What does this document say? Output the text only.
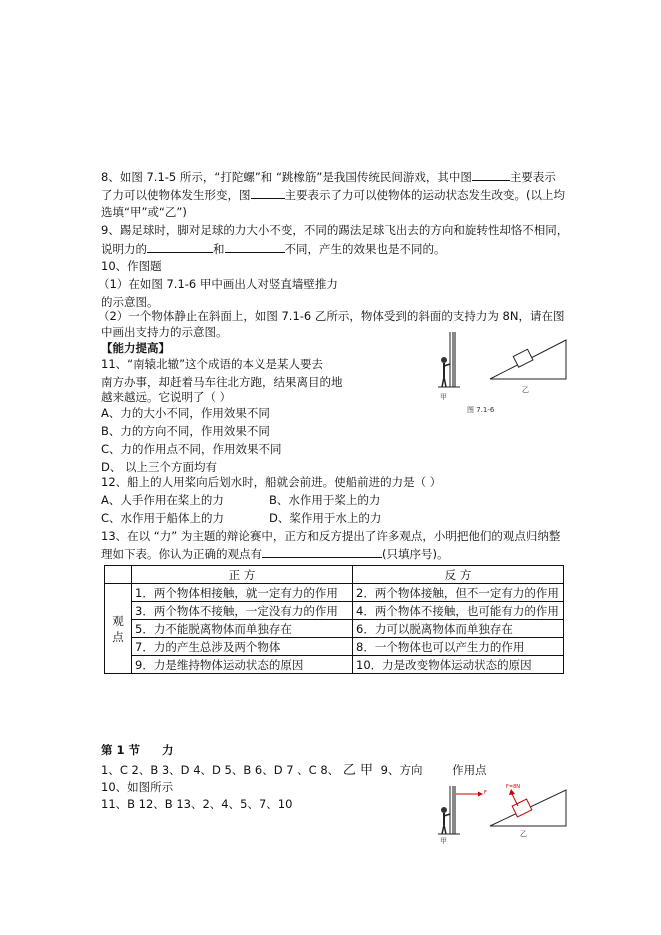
8、如图 7.1-5 所示，“打陀螺”和 “跳橡筋”是我国传统民间游戏，其中图	主要表示
了力可以使物体发生形变，图	主要表示了力可以使物体的运动状态发生改变。(以上均
选填“甲”或“乙”)
9、踢足球时，脚对足球的力大小不变，不同的踢法足球飞出去的方向和旋转性却恪不相同，
说明力的	和	不同，产生的效果也是不同的。
10、作图题
（1）在如图 7.1-6 甲中画出人对竖直墙壁推力
的示意图。
（2）一个物体静止在斜面上，如图 7.1-6 乙所示，物体受到的斜面的支持力为 8N，请在图
中画出支持力的示意图。
【能力提高】
11、“南辕北辙”这个成语的本义是某人要去
南方办事，却赶着马车往北方跑，结果离目的地
越来越远。它说明了（ ）
A、力的大小不同，作用效果不同
B、力的方向不同，作用效果不同
C、力的作用点不同，作用效果不同
D、 以上三个方面均有
12、船上的人用桨向后划水时，船就会前进。使船前进的力是（ ）
A、人手作用在桨上的力	B、水作用于桨上的力
C、水作用于船体上的力	D、桨作用于水上的力
13、在以 “力” 为主题的辩论赛中，正方和反方提出了许多观点，小明把他们的观点归纳整
理如下表。你认为正确的观点有	(只填序号)。
甲
乙
图 7.1-6
	正 方	反 方
观
点	1．两个物体相接触，就一定有力的作用	2．两个物体接触，但不一定有力的作用
	3．两个物体不接触，一定没有力的作用	4．两个物体不接触，也可能有力的作用
	5．力不能脱离物体而单独存在	6．力可以脱离物体而单独存在
	7．力的产生总涉及两个物体	8．一个物体也可以产生力的作用
	9．力是维持物体运动状态的原因	10．力是改变物体运动状态的原因
第 1 节 力
1、C 2、B 3、D 4、D 5、B 6、D 7 、C 8、 乙 甲 9、方向	作用点
10、如图所示
11、B 12、B 13、2、4、5、7、10
F=8N
F
甲
乙
